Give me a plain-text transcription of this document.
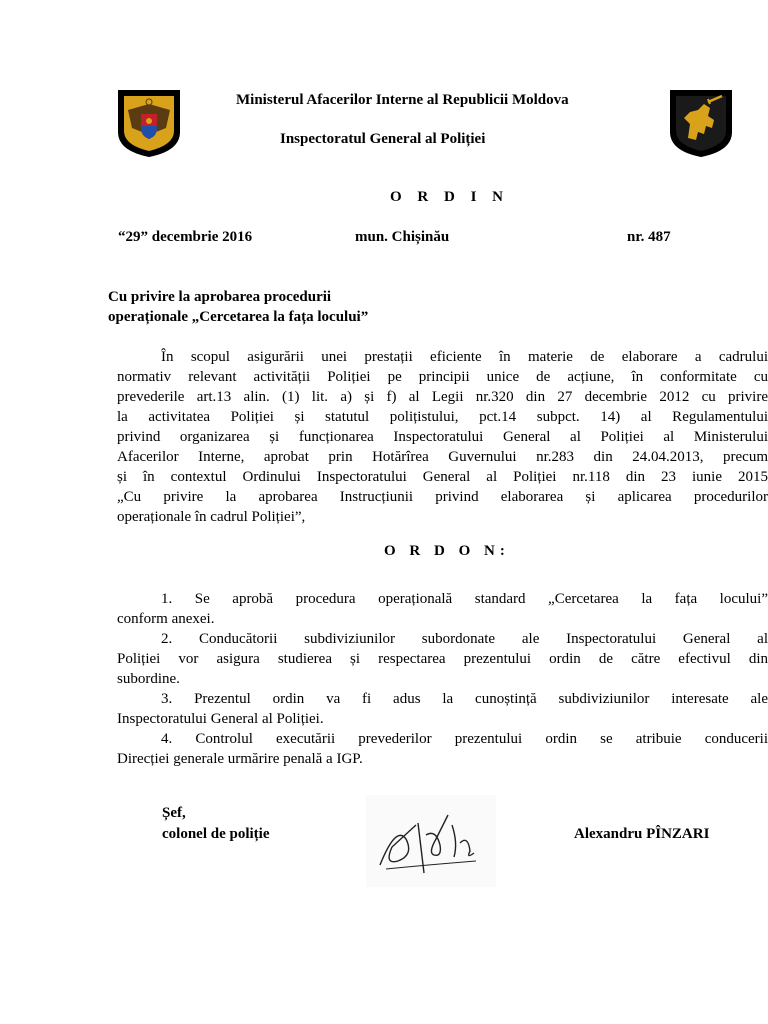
Ministerul Afacerilor Interne al Republicii Moldova
Inspectoratul General al Poliției
O R D I N
“29” decembrie 2016	mun. Chișinău	nr. 487
Cu privire la aprobarea procedurii
operaționale „Cercetarea la fața locului”
În scopul asigurării unei prestații eficiente în materie de elaborare a cadrului
normativ relevant activității Poliției pe principii unice de acțiune, în conformitate cu
prevederile art.13 alin. (1) lit. a) și f) al Legii nr.320 din 27 decembrie 2012 cu privire
la activitatea Poliției și statutul polițistului, pct.14 subpct. 14) al Regulamentului
privind organizarea și funcționarea Inspectoratului General al Poliției al Ministerului
Afacerilor Interne, aprobat prin Hotărîrea Guvernului nr.283 din 24.04.2013, precum
și în contextul Ordinului Inspectoratului General al Poliției nr.118 din 23 iunie 2015
„Cu privire la aprobarea Instrucțiunii privind elaborarea și aplicarea procedurilor
operaționale în cadrul Poliției”,
O R D O N:
1. Se aprobă procedura operațională standard „Cercetarea la fața locului”
conform anexei.
2. Conducătorii subdiviziunilor subordonate ale Inspectoratului General al
Poliției vor asigura studierea și respectarea prezentului ordin de către efectivul din
subordine.
3. Prezentul ordin va fi adus la cunoștință subdiviziunilor interesate ale
Inspectoratului General al Poliției.
4. Controlul executării prevederilor prezentului ordin se atribuie conducerii
Direcției generale urmărire penală a IGP.
Șef,
colonel de poliție	Alexandru PÎNZARI
